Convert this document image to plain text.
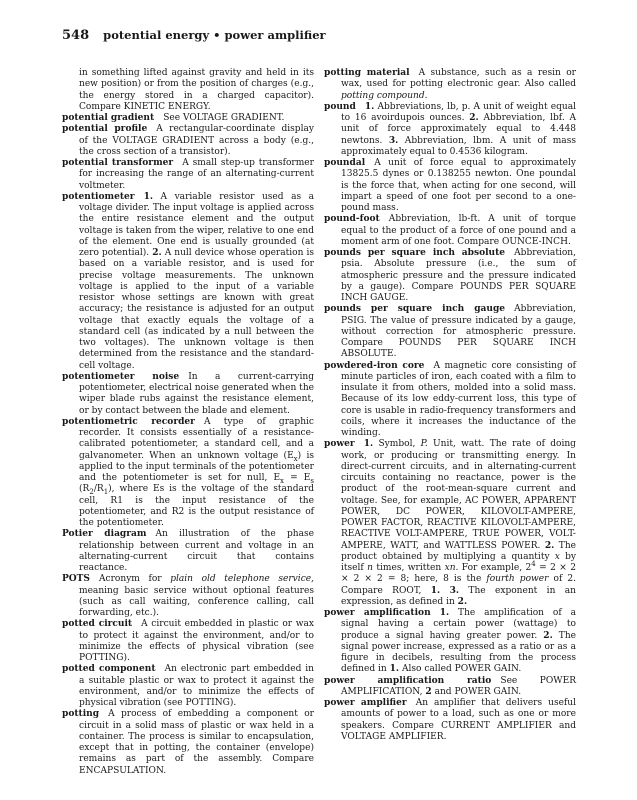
548 potential energy • power amplifier

in something lifted against gravity and held in its new position) or from the position of charges (e.g., the energy stored in a charged capacitor). Compare KINETIC ENERGY.

potential gradient  See VOLTAGE GRADIENT.

potential profile  A rectangular-coordinate display of the VOLTAGE GRADIENT across a body (e.g., the cross section of a transistor).

potential transformer  A small step-up transformer for increasing the range of an alternating-current voltmeter.

potentiometer  1. A variable resistor used as a voltage divider. The input voltage is applied across the entire resistance element and the output voltage is taken from the wiper, relative to one end of the element. One end is usually grounded (at zero potential). 2. A null device whose operation is based on a variable resistor, and is used for precise voltage measurements. The unknown voltage is applied to the input of a variable resistor whose settings are known with great accuracy; the resistance is adjusted for an output voltage that exactly equals the voltage of a standard cell (as indicated by a null between the two voltages). The unknown voltage is then determined from the resistance and the standard-cell voltage.

potentiometer noise  In a current-carrying potentiometer, electrical noise generated when the wiper blade rubs against the resistance element, or by contact between the blade and element.

potentiometric recorder  A type of graphic recorder. It consists essentially of a resistance-calibrated potentiometer, a standard cell, and a galvanometer. When an unknown voltage $(E_x)$ is applied to the input terminals of the potentiometer and the potentiometer is set for null, $E_x = E_s$ $(R_2/R_1)$, where Es is the voltage of the standard cell, R1 is the input resistance of the potentiometer, and R2 is the output resistance of the potentiometer.

Potier diagram  An illustration of the phase relationship between current and voltage in an alternating-current circuit that contains reactance.

POTS  Acronym for plain old telephone service, meaning basic service without optional features (such as call waiting, conference calling, call forwarding, etc.).

potted circuit  A circuit embedded in plastic or wax to protect it against the environment, and/or to minimize the effects of physical vibration (see POTTING).

potted component  An electronic part embedded in a suitable plastic or wax to protect it against the environment, and/or to minimize the effects of physical vibration (see POTTING).

potting  A process of embedding a component or circuit in a solid mass of plastic or wax held in a container. The process is similar to encapsulation, except that in potting, the container (envelope) remains as part of the assembly. Compare ENCAPSULATION.

potting material  A substance, such as a resin or wax, used for potting electronic gear. Also called potting compound.

pound  1. Abbreviations, lb, p. A unit of weight equal to 16 avoirdupois ounces. 2. Abbreviation, lbf. A unit of force approximately equal to 4.448 newtons. 3. Abbreviation, lbm. A unit of mass approximately equal to 0.4536 kilogram.

poundal  A unit of force equal to approximately 13825.5 dynes or 0.138255 newton. One poundal is the force that, when acting for one second, will impart a speed of one foot per second to a one-pound mass.

pound-foot  Abbreviation, lb-ft. A unit of torque equal to the product of a force of one pound and a moment arm of one foot. Compare OUNCE-INCH.

pounds per square inch absolute  Abbreviation, psia. Absolute pressure (i.e., the sum of atmospheric pressure and the pressure indicated by a gauge). Compare POUNDS PER SQUARE INCH GAUGE.

pounds per square inch gauge  Abbreviation, PSIG. The value of pressure indicated by a gauge, without correction for atmospheric pressure. Compare POUNDS PER SQUARE INCH ABSOLUTE.

powdered-iron core  A magnetic core consisting of minute particles of iron, each coated with a film to insulate it from others, molded into a solid mass. Because of its low eddy-current loss, this type of core is usable in radio-frequency transformers and coils, where it increases the inductance of the winding.

power  1. Symbol, P. Unit, watt. The rate of doing work, or producing or transmitting energy. In direct-current circuits, and in alternating-current circuits containing no reactance, power is the product of the root-mean-square current and voltage. See, for example, AC POWER, APPARENT POWER, DC POWER, KILOVOLT-AMPERE, POWER FACTOR, REACTIVE KILOVOLT-AMPERE, REACTIVE VOLT-AMPERE, TRUE POWER, VOLT-AMPERE, WATT, and WATTLESS POWER. 2. The product obtained by multiplying a quantity x by itself n times, written xn. For example, $2^4 = 2 \times 2 \times 2 \times 2 = 8$; here, 8 is the fourth power of 2. Compare ROOT, 1. 3. The exponent in an expression, as defined in 2.

power amplification  1. The amplification of a signal having a certain power (wattage) to produce a signal having greater power. 2. The signal power increase, expressed as a ratio or as a figure in decibels, resulting from the process defined in 1. Also called POWER GAIN.

power amplification ratio  See POWER AMPLIFICATION, 2 and POWER GAIN.

power amplifier  An amplifier that delivers useful amounts of power to a load, such as one or more speakers. Compare CURRENT AMPLIFIER and VOLTAGE AMPLIFIER.
